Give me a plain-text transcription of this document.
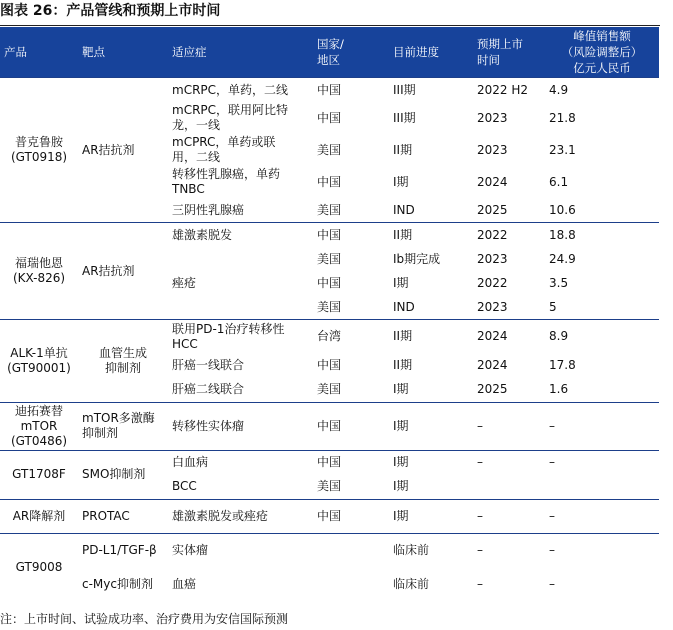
图表 26：产品管线和预期上市时间
产品	靶点	适应症	国家/
地区	目前进度	预期上市
时间	峰值销售额
（风险调整后）
亿元人民币
普克鲁胺
(GT0918)	AR拮抗剂	mCRPC，单药，二线	中国	III期	2022 H2	4.9
		mCRPC，联用阿比特
龙，一线	中国	III期	2023	21.8
		mCPRC，单药或联
用，二线	美国	II期	2023	23.1
		转移性乳腺癌，单药
TNBC	中国	I期	2024	6.1
		三阴性乳腺癌	美国	IND	2025	10.6
福瑞他恩
(KX-826)	AR拮抗剂	雄激素脱发	中国	II期	2022	18.8
			美国	Ib期完成	2023	24.9
		痤疮	中国	I期	2022	3.5
			美国	IND	2023	5
ALK-1单抗
(GT90001)	血管生成
抑制剂	联用PD-1治疗转移性
HCC	台湾	II期	2024	8.9
		肝癌一线联合	中国	II期	2024	17.8
		肝癌二线联合	美国	I期	2025	1.6
迪拓赛替
mTOR
(GT0486)	mTOR多激酶
抑制剂	转移性实体瘤	中国	I期	–	–
GT1708F	SMO抑制剂	白血病	中国	I期	–	–
		BCC	美国	I期		
AR降解剂	PROTAC	雄激素脱发或痤疮	中国	I期	–	–
GT9008	PD-L1/TGF-β	实体瘤		临床前	–	–
	c-Myc抑制剂	血癌		临床前	–	–
注：上市时间、试验成功率、治疗费用为安信国际预测
